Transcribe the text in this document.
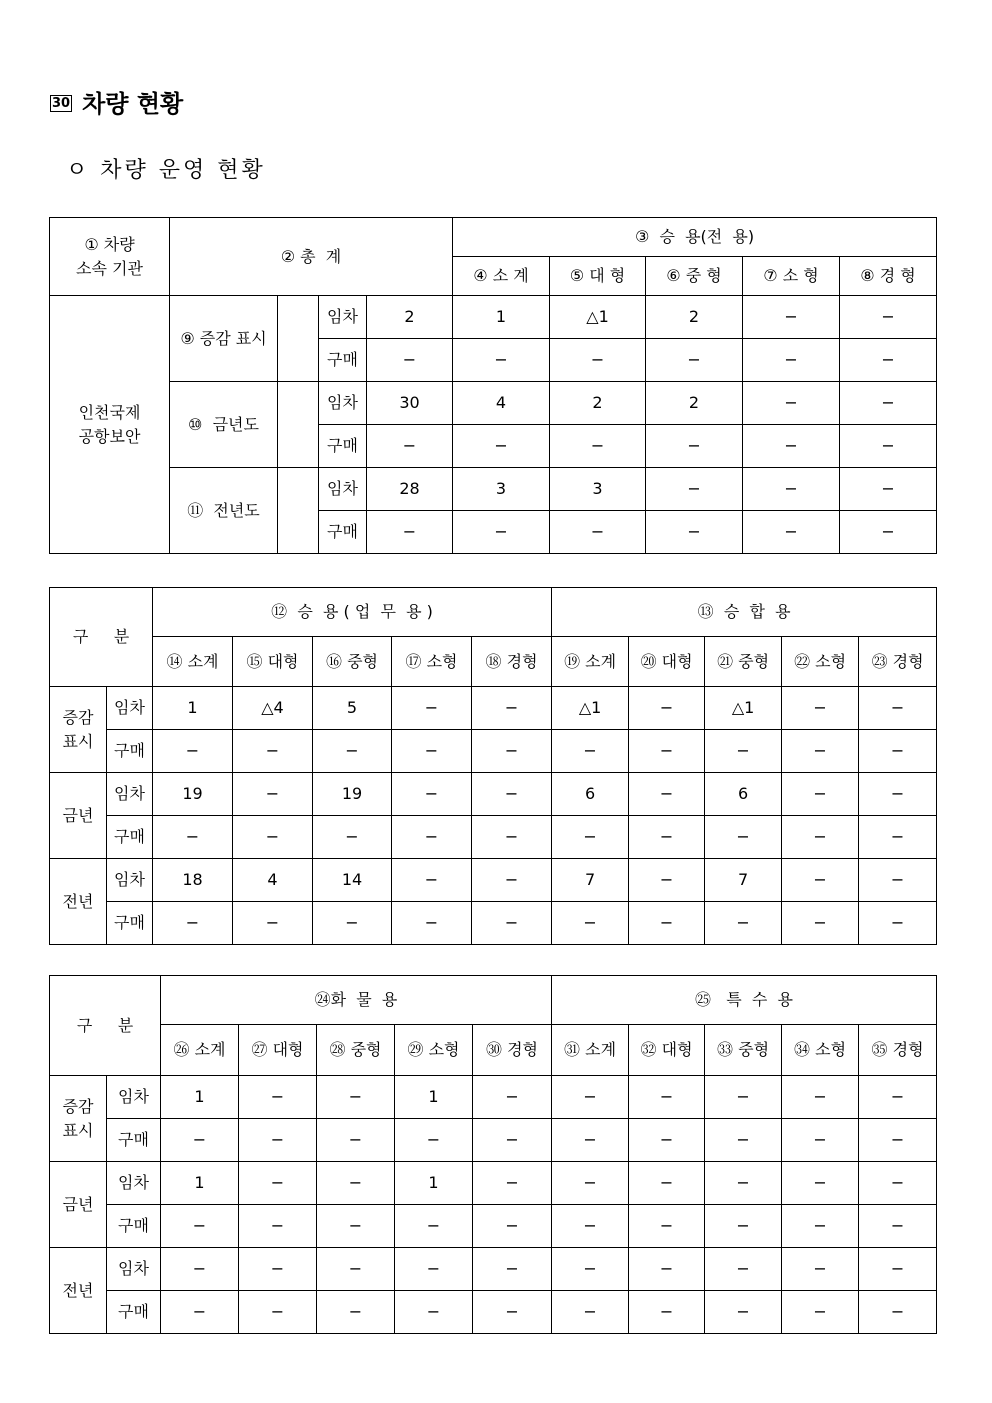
30 차량 현황
ㅇ 차량 운영 현황
① 차량
소속 기관	② 총  계				③  승  용(전  용)				
					④ 소 계	⑤ 대 형	⑥ 중 형	⑦ 소 형	⑧ 경 형
인천국제
공항보안	⑨ 증감 표시		임차	2	1	△1	2	−	−
			구매	−	−	−	−	−	−
	⑩  금년도		임차	30	4	2	2	−	−
			구매	−	−	−	−	−	−
	⑪  전년도		임차	28	3	3	−	−	−
			구매	−	−	−	−	−	−
구     분		⑫  승  용 ( 업  무  용 )					⑬  승  합  용				
		⑭ 소계	⑮ 대형	⑯ 중형	⑰ 소형	⑱ 경형	⑲ 소계	⑳ 대형	㉑ 중형	㉒ 소형	㉓ 경형
증감
표시	임차	1	△4	5	−	−	△1	−	△1	−	−
	구매	−	−	−	−	−	−	−	−	−	−
금년	임차	19	−	19	−	−	6	−	6	−	−
	구매	−	−	−	−	−	−	−	−	−	−
전년	임차	18	4	14	−	−	7	−	7	−	−
	구매	−	−	−	−	−	−	−	−	−	−
구     분		㉔화  물  용					㉕   특  수  용				
		㉖ 소계	㉗ 대형	㉘ 중형	㉙ 소형	㉚ 경형	㉛ 소계	㉜ 대형	㉝ 중형	㉞ 소형	㉟ 경형
증감
표시	임차	1	−	−	1	−	−	−	−	−	−
	구매	−	−	−	−	−	−	−	−	−	−
금년	임차	1	−	−	1	−	−	−	−	−	−
	구매	−	−	−	−	−	−	−	−	−	−
전년	임차	−	−	−	−	−	−	−	−	−	−
	구매	−	−	−	−	−	−	−	−	−	−
